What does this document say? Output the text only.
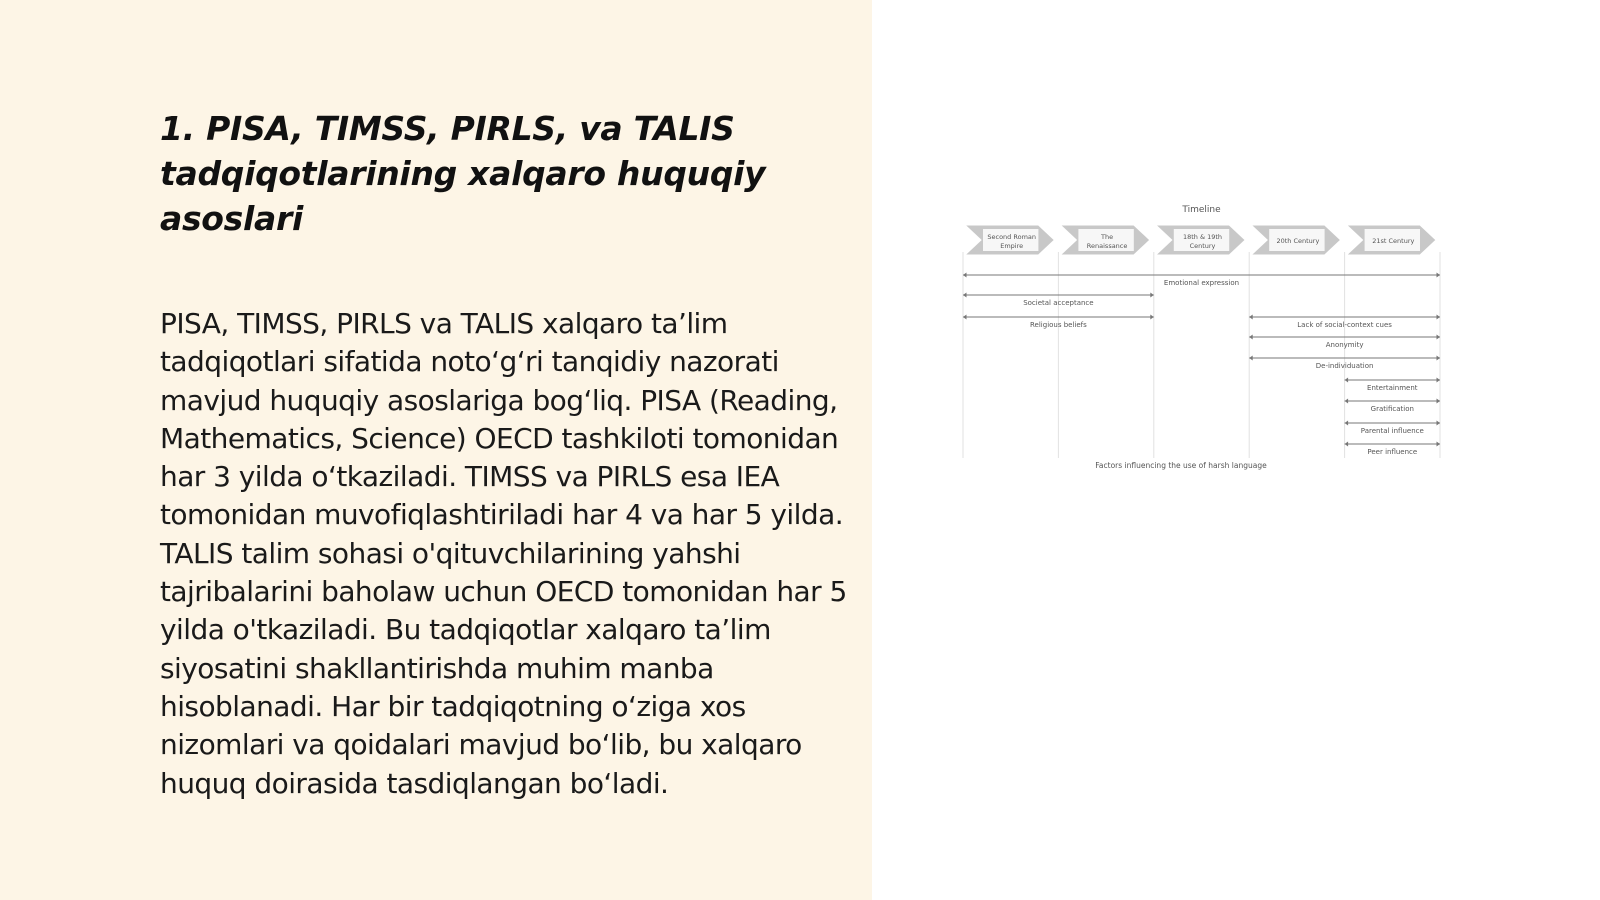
1. PISA, TIMSS, PIRLS, va TALIS tadqiqotlarining xalqaro huquqiy asoslari

PISA, TIMSS, PIRLS va TALIS xalqaro ta’lim tadqiqotlari sifatida noto‘g‘ri tanqidiy nazorati mavjud huquqiy asoslariga bog‘liq. PISA (Reading, Mathematics, Science) OECD tashkiloti tomonidan har 3 yilda o‘tkaziladi. TIMSS va PIRLS esa IEA tomonidan muvofiqlashtiriladi har 4 va har 5 yilda. TALIS talim sohasi o'qituvchilarining yahshi tajribalarini baholaw uchun OECD tomonidan har 5 yilda o'tkaziladi. Bu tadqiqotlar xalqaro ta’lim siyosatini shakllantirishda muhim manba hisoblanadi. Har bir tadqiqotning o‘ziga xos nizomlari va qoidalari mavjud bo‘lib, bu xalqaro huquq doirasida tasdiqlangan bo‘ladi.

Timeline
Second Roman
Empire
The
Renaissance
18th & 19th
Century
20th Century	21st Century
Emotional expression
Societal acceptance
Religious beliefs	Lack of social-context cues
Anonymity
De-individuation
Entertainment
Gratification
Parental influence
Peer influence
Factors influencing the use of harsh language
